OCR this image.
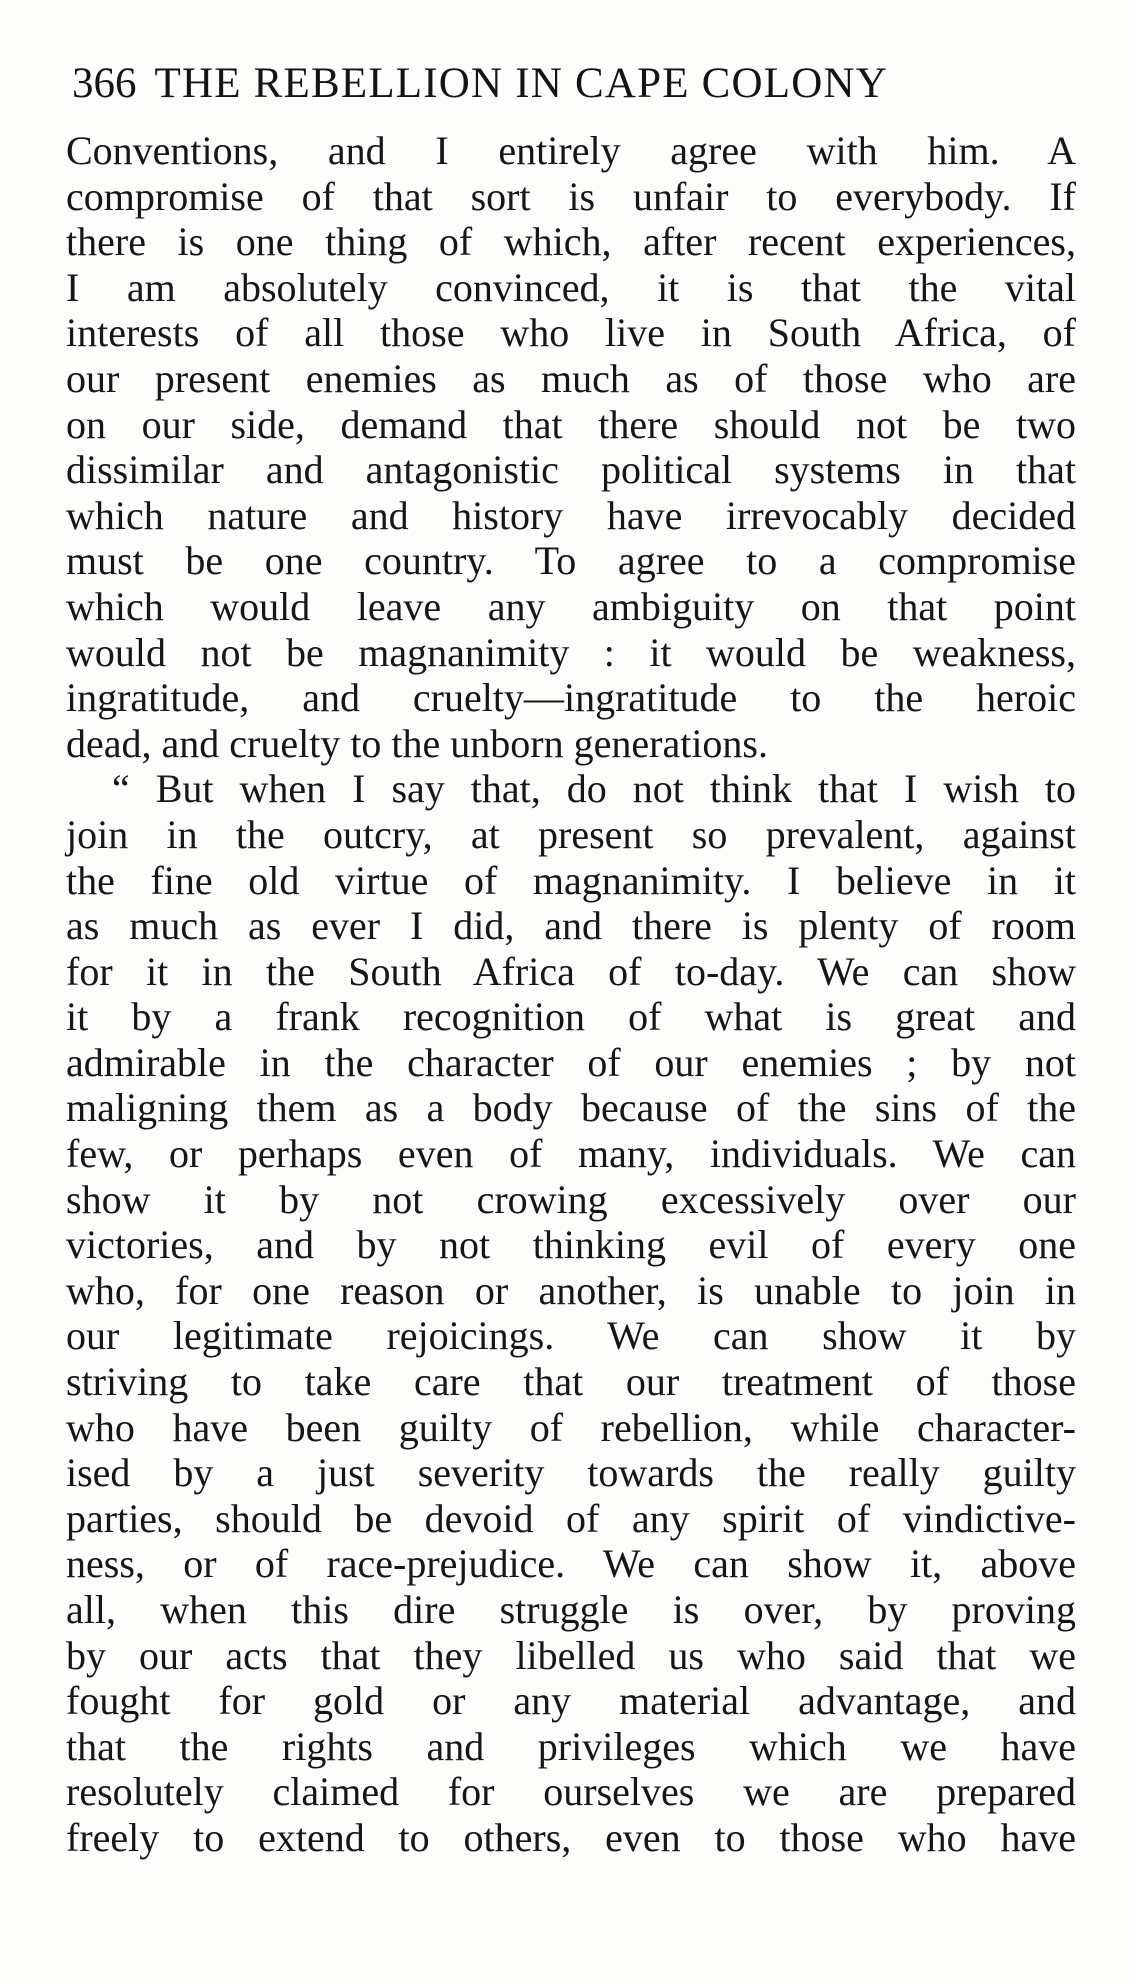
366 THE REBELLION IN CAPE COLONY
Conventions, and I entirely agree with him. A
compromise of that sort is unfair to everybody. If
there is one thing of which, after recent experiences,
I am absolutely convinced, it is that the vital
interests of all those who live in South Africa, of
our present enemies as much as of those who are
on our side, demand that there should not be two
dissimilar and antagonistic political systems in that
which nature and history have irrevocably decided
must be one country. To agree to a compromise
which would leave any ambiguity on that point
would not be magnanimity : it would be weakness,
ingratitude, and cruelty—ingratitude to the heroic
dead, and cruelty to the unborn generations.
“ But when I say that, do not think that I wish to
join in the outcry, at present so prevalent, against
the fine old virtue of magnanimity. I believe in it
as much as ever I did, and there is plenty of room
for it in the South Africa of to-day. We can show
it by a frank recognition of what is great and
admirable in the character of our enemies ; by not
maligning them as a body because of the sins of the
few, or perhaps even of many, individuals. We can
show it by not crowing excessively over our
victories, and by not thinking evil of every one
who, for one reason or another, is unable to join in
our legitimate rejoicings. We can show it by
striving to take care that our treatment of those
who have been guilty of rebellion, while character-
ised by a just severity towards the really guilty
parties, should be devoid of any spirit of vindictive-
ness, or of race-prejudice. We can show it, above
all, when this dire struggle is over, by proving
by our acts that they libelled us who said that we
fought for gold or any material advantage, and
that the rights and privileges which we have
resolutely claimed for ourselves we are prepared
freely to extend to others, even to those who have
